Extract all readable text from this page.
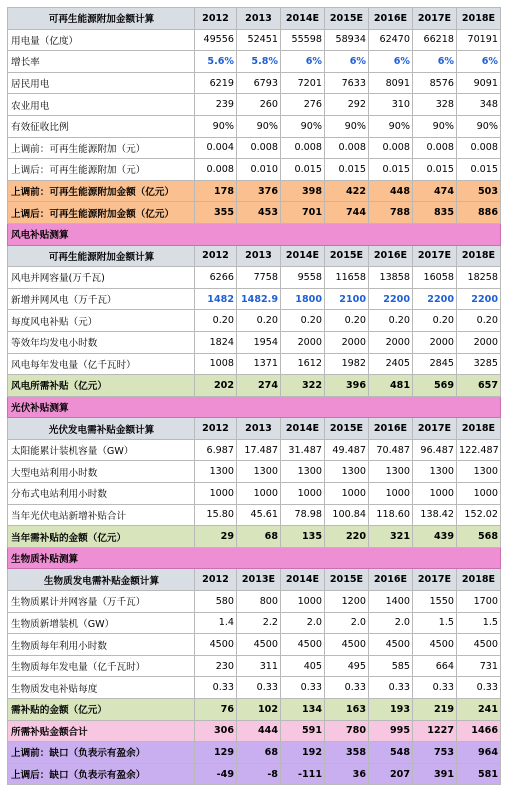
可再生能源附加金额计算	2012	2013	2014E	2015E	2016E	2017E	2018E
用电量（亿度）	49556	52451	55598	58934	62470	66218	70191
增长率	5.6%	5.8%	6%	6%	6%	6%	6%
居民用电	6219	6793	7201	7633	8091	8576	9091
农业用电	239	260	276	292	310	328	348
有效征收比例	90%	90%	90%	90%	90%	90%	90%
上调前：可再生能源附加（元）	0.004	0.008	0.008	0.008	0.008	0.008	0.008
上调后：可再生能源附加（元）	0.008	0.010	0.015	0.015	0.015	0.015	0.015
上调前：可再生能源附加金额（亿元）	178	376	398	422	448	474	503
上调后：可再生能源附加金额（亿元）	355	453	701	744	788	835	886
风电补贴测算							
可再生能源附加金额计算	2012	2013	2014E	2015E	2016E	2017E	2018E
风电并网容量(万千瓦)	6266	7758	9558	11658	13858	16058	18258
新增并网风电（万千瓦）	1482	1482.9	1800	2100	2200	2200	2200
每度风电补贴（元）	0.20	0.20	0.20	0.20	0.20	0.20	0.20
等效年均发电小时数	1824	1954	2000	2000	2000	2000	2000
风电每年发电量（亿千瓦时）	1008	1371	1612	1982	2405	2845	3285
风电所需补贴（亿元）	202	274	322	396	481	569	657
光伏补贴测算							
光伏发电需补贴金额计算	2012	2013	2014E	2015E	2016E	2017E	2018E
太阳能累计装机容量（GW）	6.987	17.487	31.487	49.487	70.487	96.487	122.487
大型电站利用小时数	1300	1300	1300	1300	1300	1300	1300
分布式电站利用小时数	1000	1000	1000	1000	1000	1000	1000
当年光伏电站新增补贴合计	15.80	45.61	78.98	100.84	118.60	138.42	152.02
当年需补贴的金额（亿元）	29	68	135	220	321	439	568
生物质补贴测算							
生物质发电需补贴金额计算	2012	2013E	2014E	2015E	2016E	2017E	2018E
生物质累计并网容量（万千瓦）	580	800	1000	1200	1400	1550	1700
生物质新增装机（GW）	1.4	2.2	2.0	2.0	2.0	1.5	1.5
生物质每年利用小时数	4500	4500	4500	4500	4500	4500	4500
生物质每年发电量（亿千瓦时）	230	311	405	495	585	664	731
生物质发电补贴每度	0.33	0.33	0.33	0.33	0.33	0.33	0.33
需补贴的金额（亿元）	76	102	134	163	193	219	241
所需补贴金额合计	306	444	591	780	995	1227	1466
上调前：缺口（负表示有盈余）	129	68	192	358	548	753	964
上调后：缺口（负表示有盈余）	-49	-8	-111	36	207	391	581
